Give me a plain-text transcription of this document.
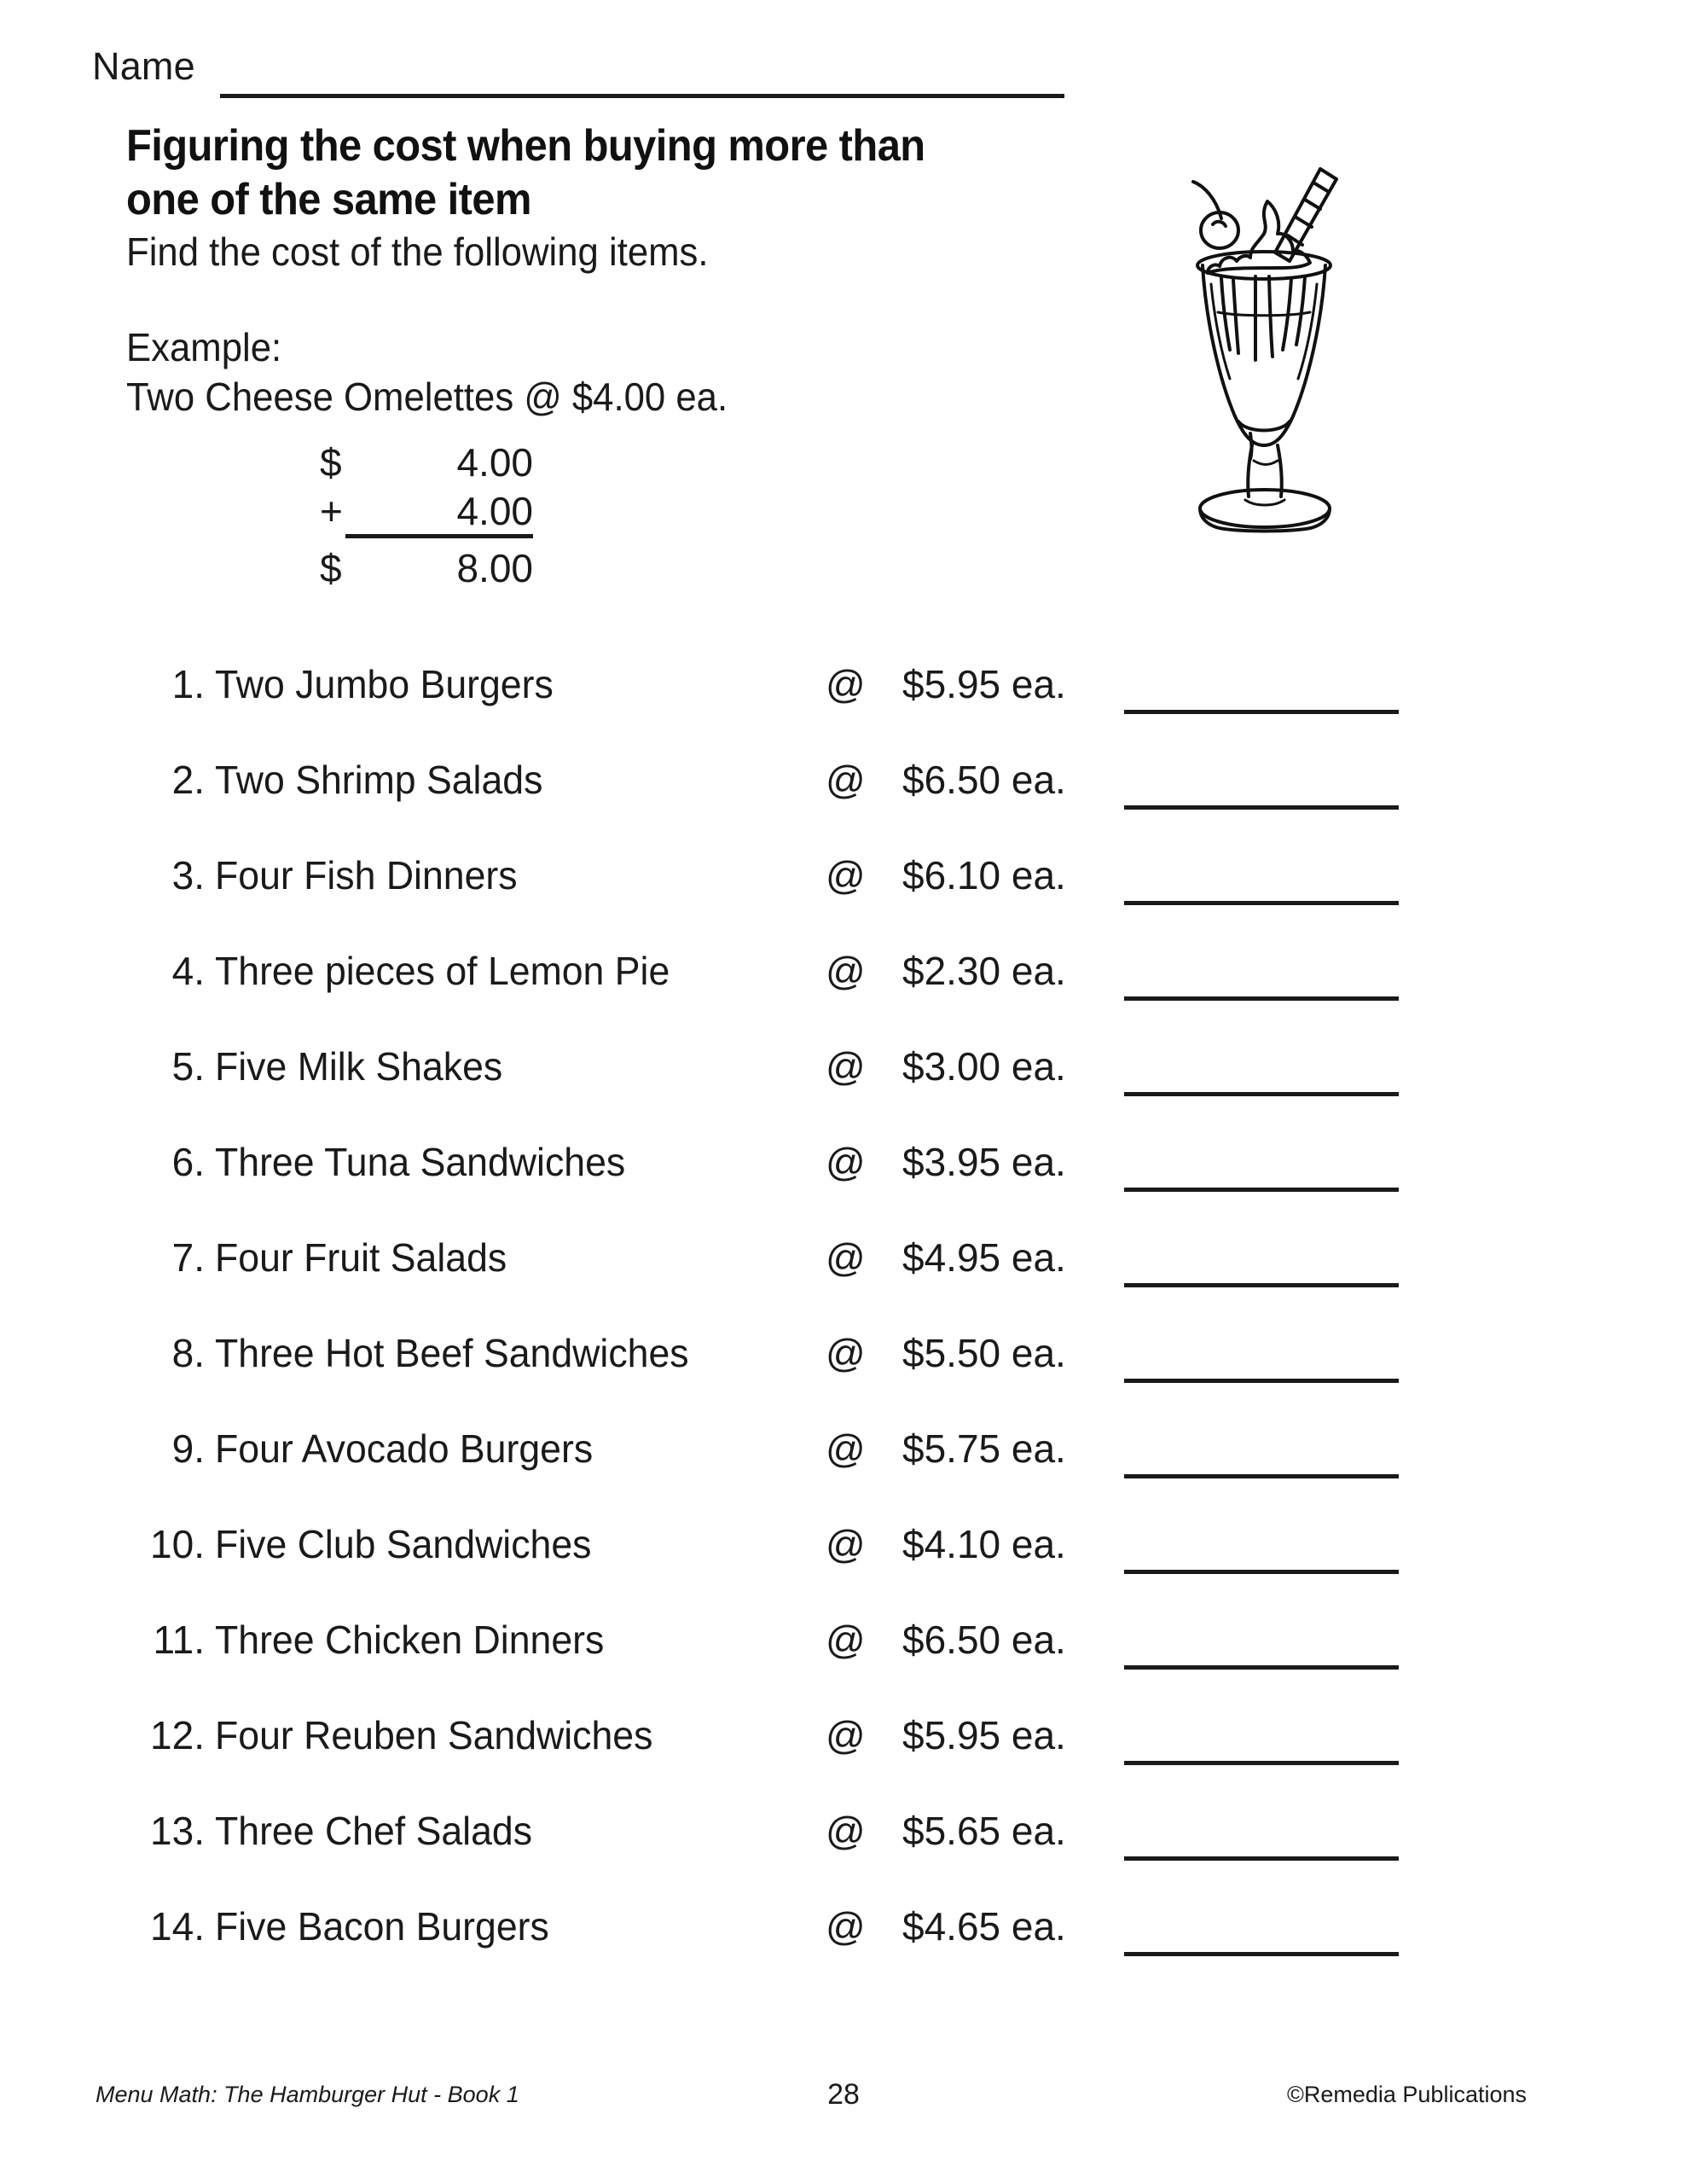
Name
Figuring the cost when buying more than one of the same item
Find the cost of the following items.
Example:
Two Cheese Omelettes @ $4.00 ea.
$	4.00
+	4.00
$	8.00
1. Two Jumbo Burgers	@ $5.95 ea.
2. Two Shrimp Salads	@ $6.50 ea.
3. Four Fish Dinners	@ $6.10 ea.
4. Three pieces of Lemon Pie	@ $2.30 ea.
5. Five Milk Shakes	@ $3.00 ea.
6. Three Tuna Sandwiches	@ $3.95 ea.
7. Four Fruit Salads	@ $4.95 ea.
8. Three Hot Beef Sandwiches	@ $5.50 ea.
9. Four Avocado Burgers	@ $5.75 ea.
10. Five Club Sandwiches	@ $4.10 ea.
11. Three Chicken Dinners	@ $6.50 ea.
12. Four Reuben Sandwiches	@ $5.95 ea.
13. Three Chef Salads	@ $5.65 ea.
14. Five Bacon Burgers	@ $4.65 ea.
Menu Math: The Hamburger Hut - Book 1	28	©Remedia Publications
